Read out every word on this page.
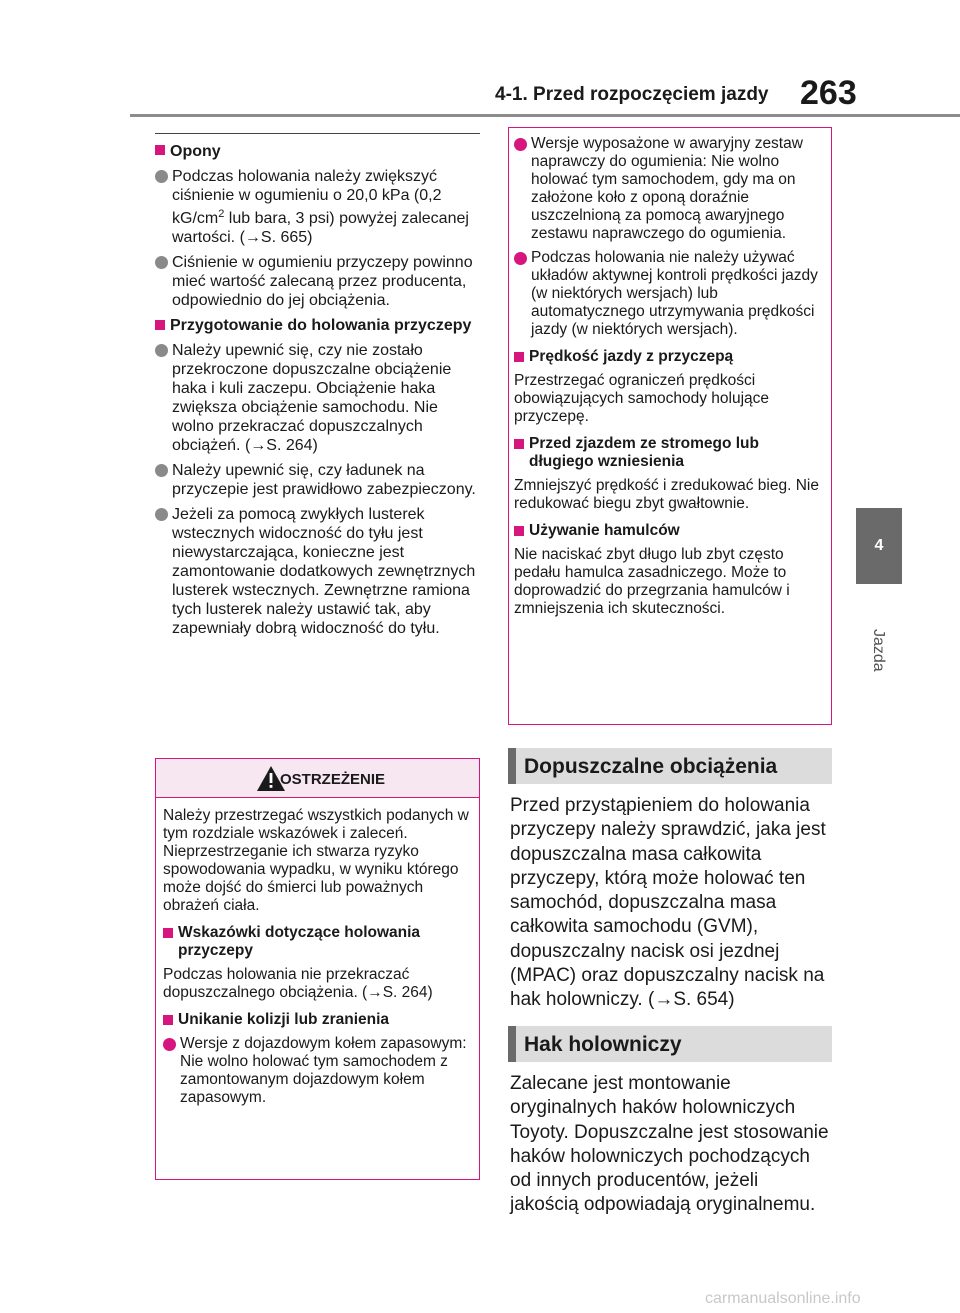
4-1. Przed rozpoczęciem jazdy 263
4
Jazda
Opony
Podczas holowania należy zwiększyć ciśnienie w ogumieniu o 20,0 kPa (0,2 $kG/cm^2$ lub bara, 3 psi) powyżej zalecanej wartości. (→S. 665)
Ciśnienie w ogumieniu przyczepy powinno mieć wartość zalecaną przez producenta, odpowiednio do jej obciążenia.
Przygotowanie do holowania przyczepy
Należy upewnić się, czy nie zostało przekroczone dopuszczalne obciążenie haka i kuli zaczepu. Obciążenie haka zwiększa obciążenie samochodu. Nie wolno przekraczać dopuszczalnych obciążeń. (→S. 264)
Należy upewnić się, czy ładunek na przyczepie jest prawidłowo zabezpieczony.
Jeżeli za pomocą zwykłych lusterek wstecznych widoczność do tyłu jest niewystarczająca, konieczne jest zamontowanie dodatkowych zewnętrznych lusterek wstecznych. Zewnętrzne ramiona tych lusterek należy ustawić tak, aby zapewniały dobrą widoczność do tyłu.
OSTRZEŻENIE
Należy przestrzegać wszystkich podanych w tym rozdziale wskazówek i zaleceń.
Nieprzestrzeganie ich stwarza ryzyko spowodowania wypadku, w wyniku którego może dojść do śmierci lub poważnych obrażeń ciała.
Wskazówki dotyczące holowania przyczepy
Podczas holowania nie przekraczać dopuszczalnego obciążenia. (→S. 264)
Unikanie kolizji lub zranienia
Wersje z dojazdowym kołem zapasowym: Nie wolno holować tym samochodem z zamontowanym dojazdowym kołem zapasowym.
Wersje wyposażone w awaryjny zestaw naprawczy do ogumienia: Nie wolno holować tym samochodem, gdy ma on założone koło z oponą doraźnie uszczelnioną za pomocą awaryjnego zestawu naprawczego do ogumienia.
Podczas holowania nie należy używać układów aktywnej kontroli prędkości jazdy (w niektórych wersjach) lub automatycznego utrzymywania prędkości jazdy (w niektórych wersjach).
Prędkość jazdy z przyczepą
Przestrzegać ograniczeń prędkości obowiązujących samochody holujące przyczepę.
Przed zjazdem ze stromego lub długiego wzniesienia
Zmniejszyć prędkość i zredukować bieg. Nie redukować biegu zbyt gwałtownie.
Używanie hamulców
Nie naciskać zbyt długo lub zbyt często pedału hamulca zasadniczego. Może to doprowadzić do przegrzania hamulców i zmniejszenia ich skuteczności.
Dopuszczalne obciążenia
Przed przystąpieniem do holowania przyczepy należy sprawdzić, jaka jest dopuszczalna masa całkowita przyczepy, którą może holować ten samochód, dopuszczalna masa całkowita samochodu (GVM), dopuszczalny nacisk osi jezdnej (MPAC) oraz dopuszczalny nacisk na hak holowniczy. (→S. 654)
Hak holowniczy
Zalecane jest montowanie oryginalnych haków holowniczych Toyoty. Dopuszczalne jest stosowanie haków holowniczych pochodzących od innych producentów, jeżeli jakością odpowiadają oryginalnemu.
carmanualsonline.info
